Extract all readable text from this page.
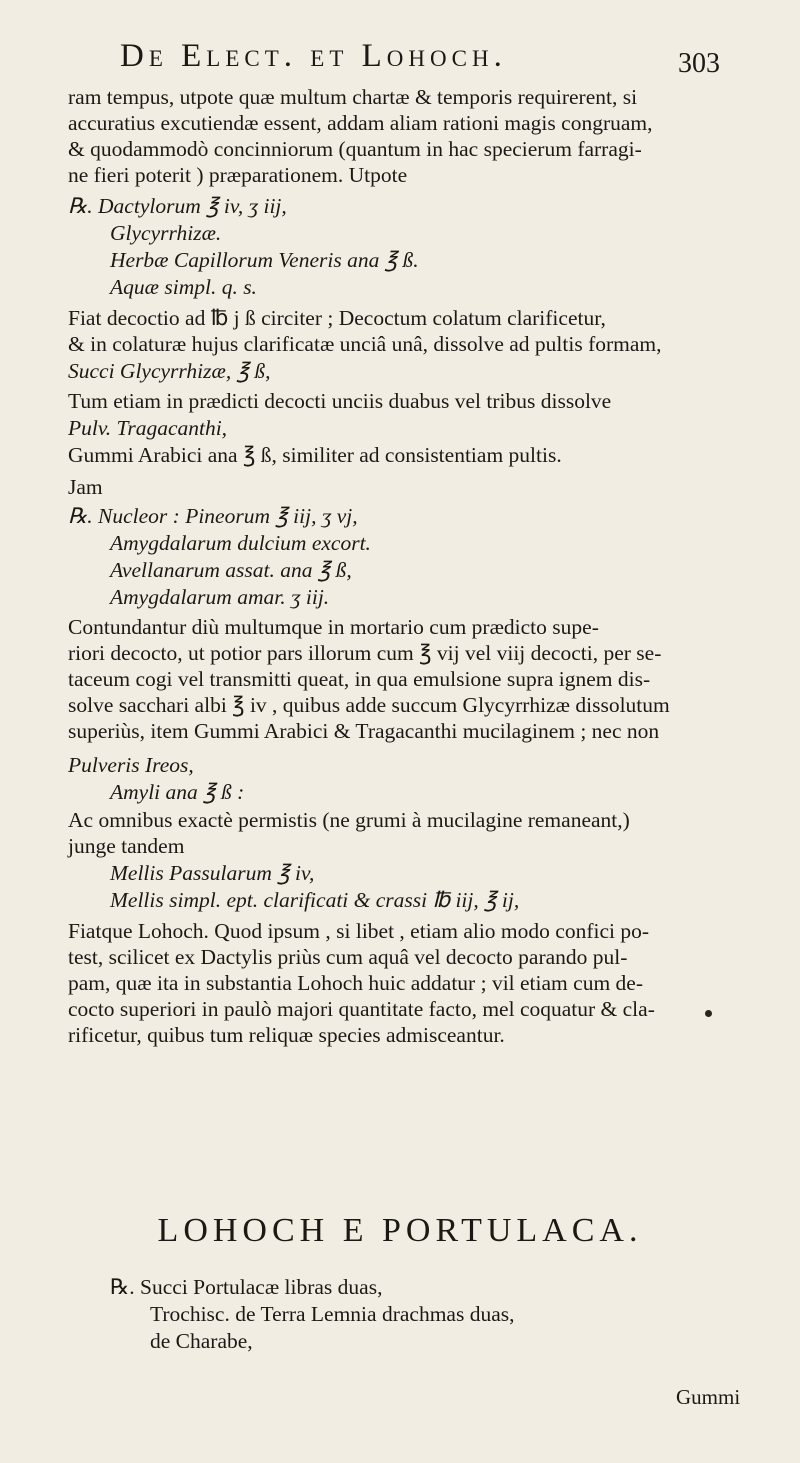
De Elect. et Lohoch.	303
ram tempus, utpote quæ multum chartæ & temporis requirerent, si
accuratius excutiendæ essent, addam aliam rationi magis congruam,
& quodammodò concinniorum (quantum in hac specierum farragi-
ne fieri poterit ) præparationem. Utpote
℞. Dactylorum ℥ iv, ʒ iij,
Glycyrrhizæ.
Herbæ Capillorum Veneris ana ℥ ß.
Aquæ simpl. q. s.
Fiat decoctio ad ℔ j ß circiter ; Decoctum colatum clarificetur,
& in colaturæ hujus clarificatæ unciâ unâ, dissolve ad pultis formam,
Succi Glycyrrhizæ, ℥ ß,
Tum etiam in prædicti decocti unciis duabus vel tribus dissolve
Pulv. Tragacanthi,
Gummi Arabici ana ℥ ß, similiter ad consistentiam pultis.
Jam
℞. Nucleor : Pineorum ℥ iij, ʒ vj,
Amygdalarum dulcium excort.
Avellanarum assat. ana ℥ ß,
Amygdalarum amar. ʒ iij.
Contundantur diù multumque in mortario cum prædicto supe-
riori decocto, ut potior pars illorum cum ℥ vij vel viij decocti, per se-
taceum cogi vel transmitti queat, in qua emulsione supra ignem dis-
solve sacchari albi ℥ iv , quibus adde succum Glycyrrhizæ dissolutum
superiùs, item Gummi Arabici & Tragacanthi mucilaginem ; nec non
Pulveris Ireos,
Amyli ana ℥ ß :
Ac omnibus exactè permistis (ne grumi à mucilagine remaneant,)
junge tandem
Mellis Passularum ℥ iv,
Mellis simpl. ept. clarificati & crassi ℔ iij, ℥ ij,
Fiatque Lohoch. Quod ipsum , si libet , etiam alio modo confici po-
test, scilicet ex Dactylis priùs cum aquâ vel decocto parando pul-
pam, quæ ita in substantia Lohoch huic addatur ; vil etiam cum de-
cocto superiori in paulò majori quantitate facto, mel coquatur & cla-
rificetur, quibus tum reliquæ species admisceantur.
LOHOCH E PORTULACA.
℞. Succi Portulacæ libras duas,
Trochisc. de Terra Lemnia drachmas duas,
de Charabe,
Gummi
